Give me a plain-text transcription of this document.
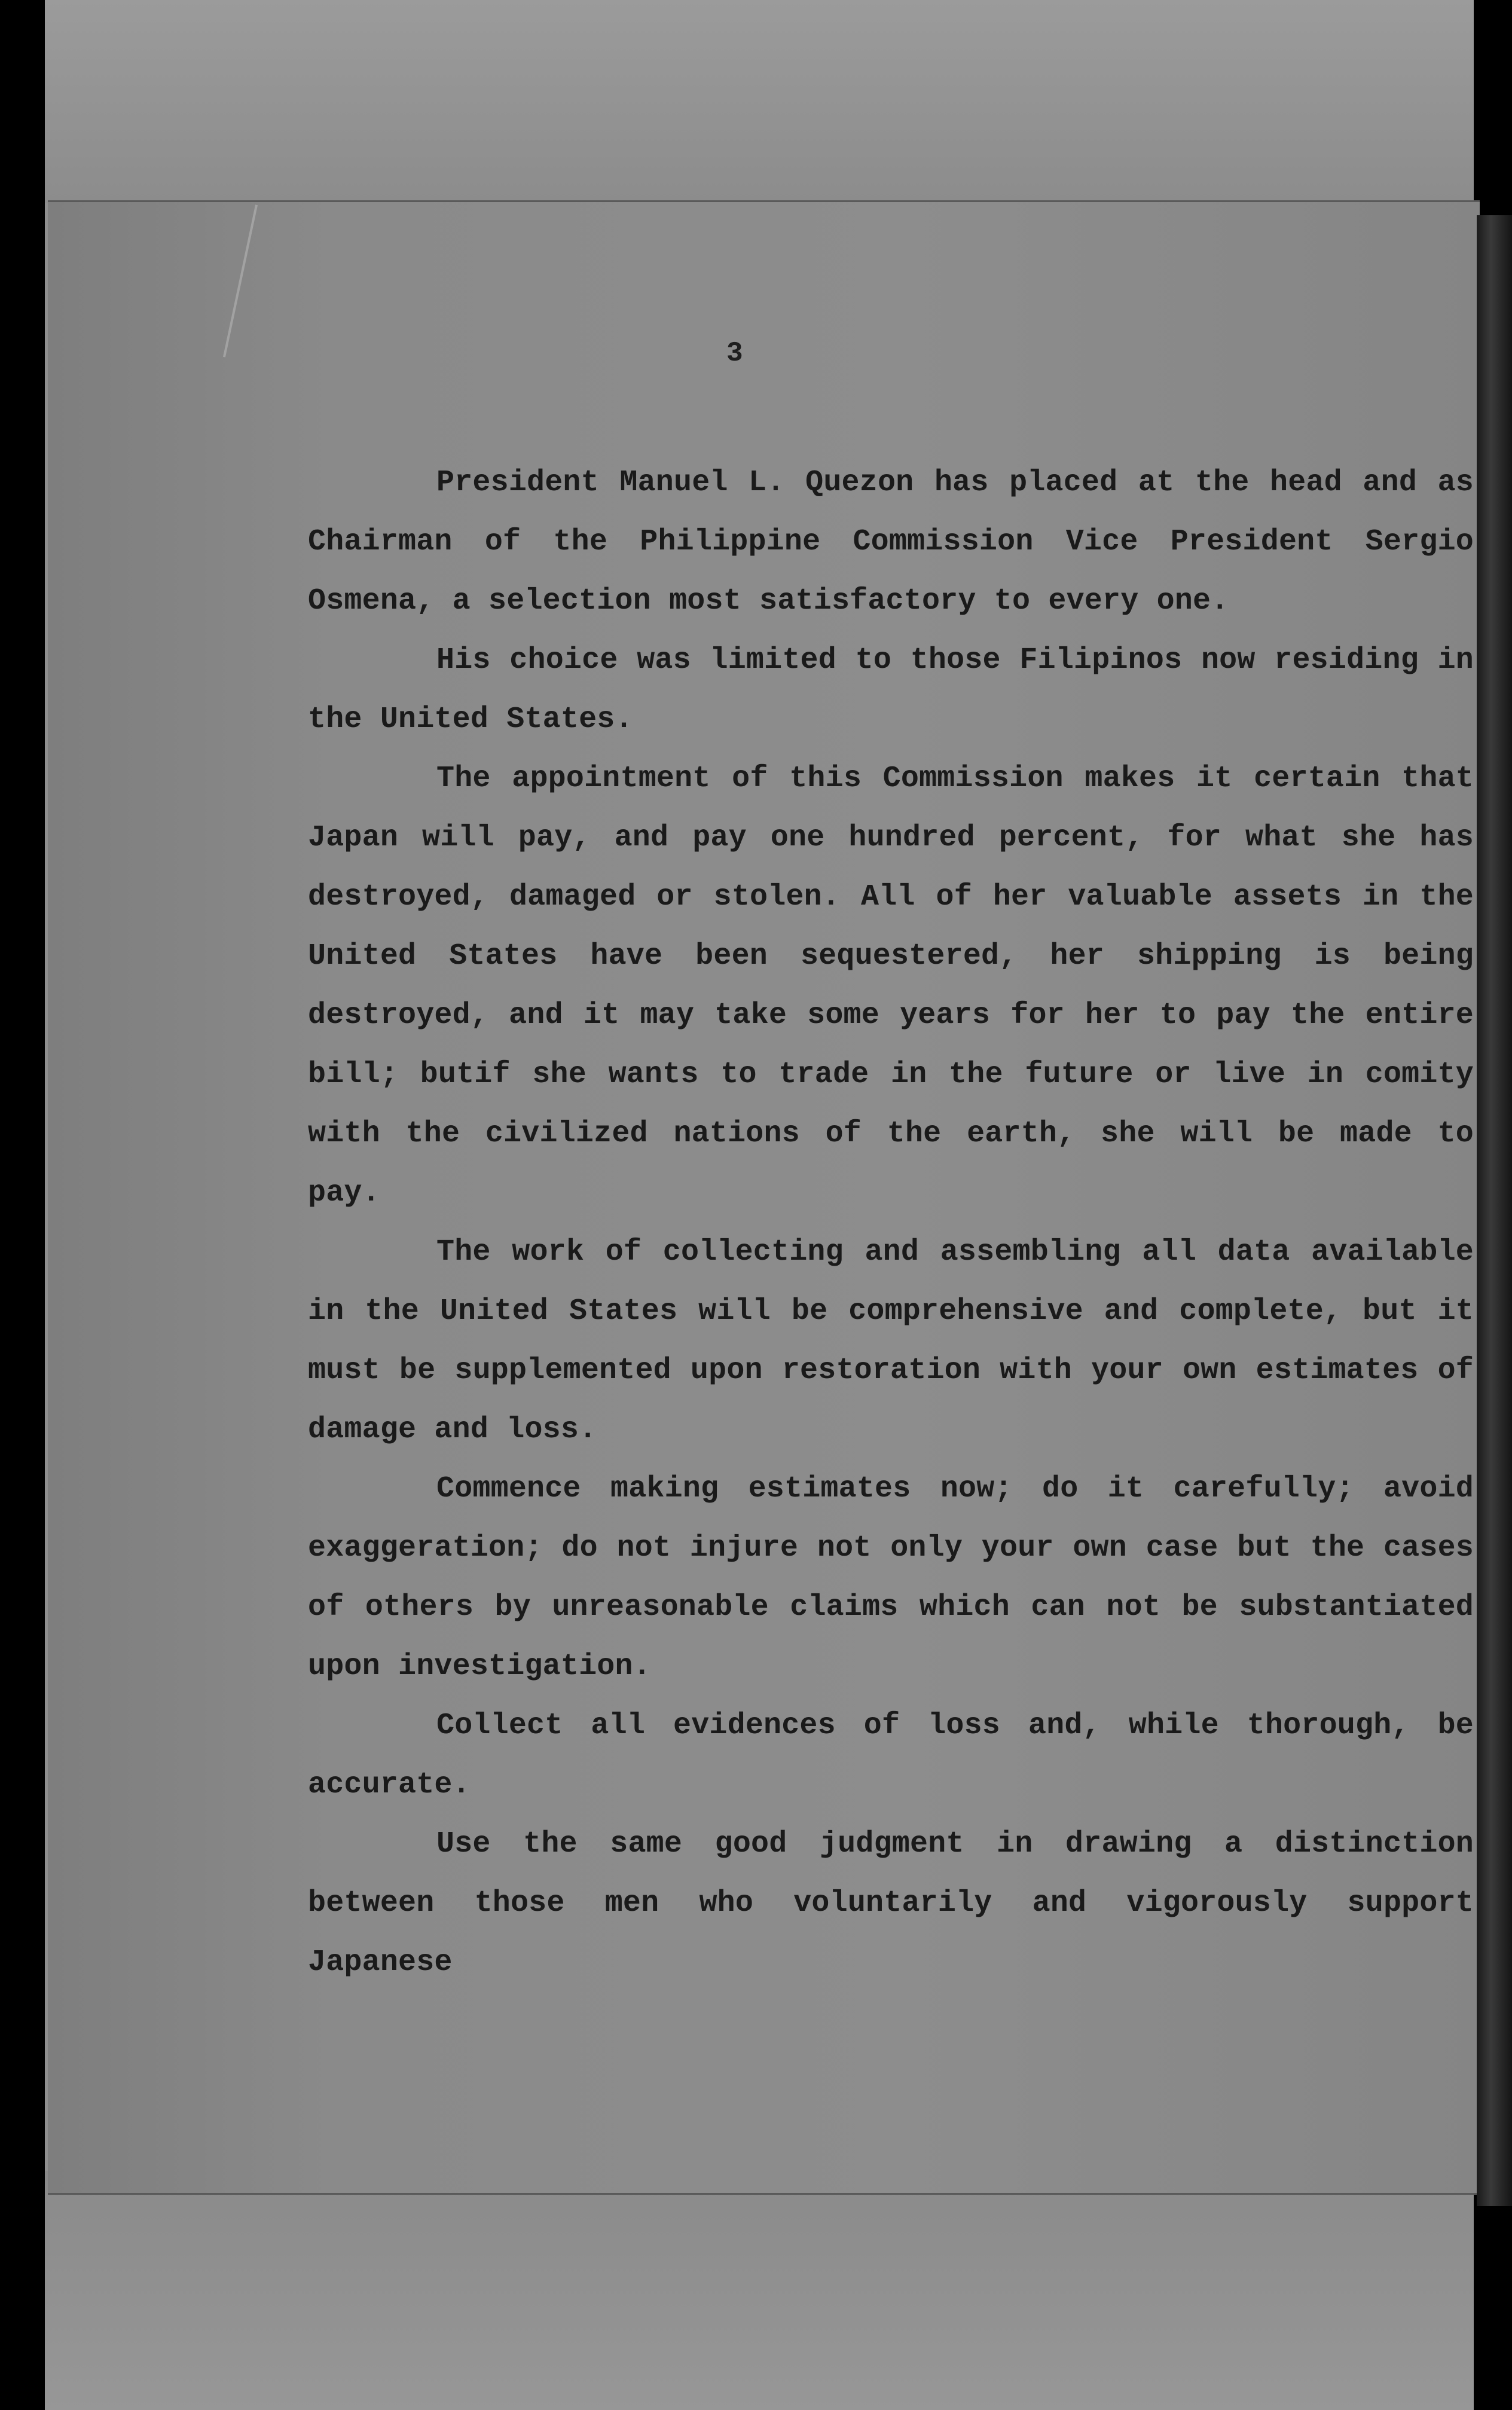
3

President Manuel L. Quezon has placed at the head and as Chairman of the Philippine Commission Vice President Sergio Osmena, a selection most satisfactory to every one.

His choice was limited to those Filipinos now residing in the United States.

The appointment of this Commission makes it certain that Japan will pay, and pay one hundred percent, for what she has destroyed, damaged or stolen. All of her valuable assets in the United States have been sequestered, her shipping is being destroyed, and it may take some years for her to pay the entire bill; butif she wants to trade in the future or live in comity with the civilized nations of the earth, she will be made to pay.

The work of collecting and assembling all data available in the United States will be comprehensive and complete, but it must be supplemented upon restoration with your own estimates of damage and loss.

Commence making estimates now; do it carefully; avoid exaggeration; do not injure not only your own case but the cases of others by unreasonable claims which can not be substantiated upon investigation.

Collect all evidences of loss and, while thorough, be accurate.

Use the same good judgment in drawing a distinction between those men who voluntarily and vigorously support Japanese
